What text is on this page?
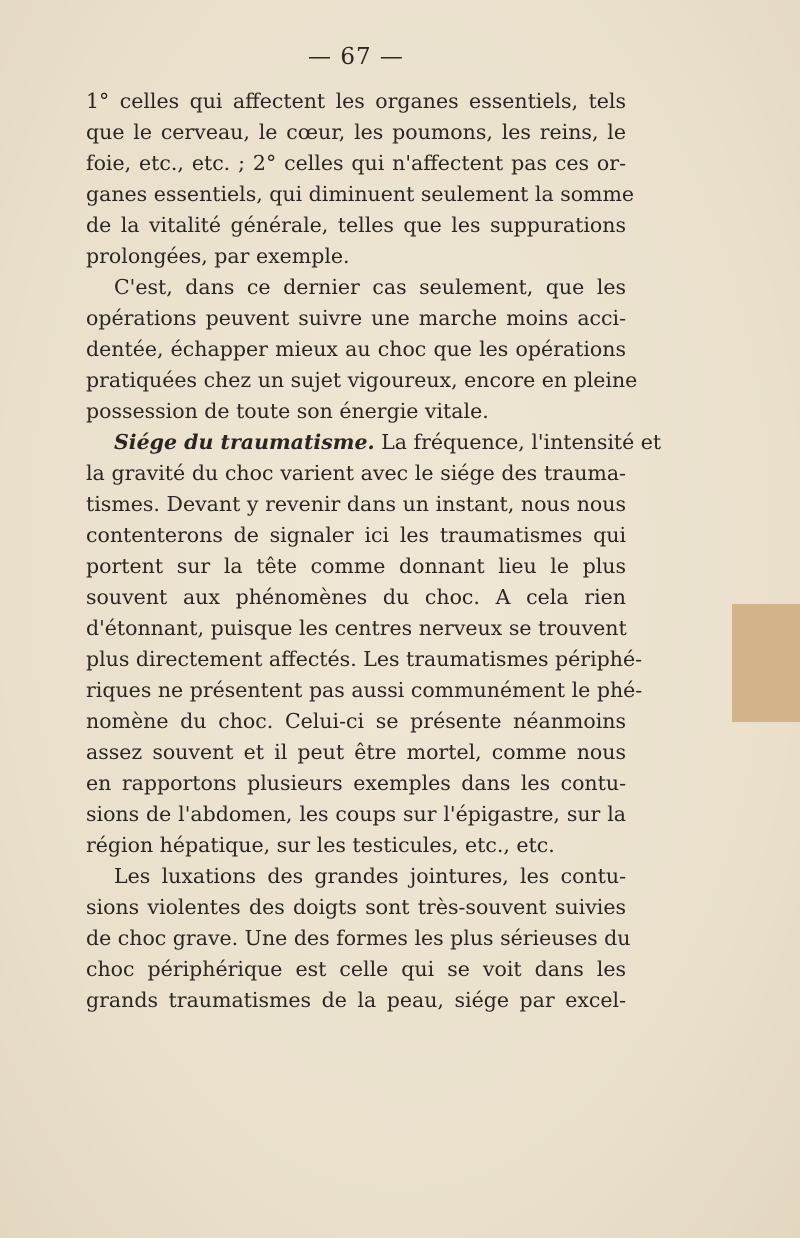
— 67 —
1° celles qui affectent les organes essentiels, tels
que le cerveau, le cœur, les poumons, les reins, le
foie, etc., etc. ; 2° celles qui n'affectent pas ces or-
ganes essentiels, qui diminuent seulement la somme
de la vitalité générale, telles que les suppurations
prolongées, par exemple.
C'est, dans ce dernier cas seulement, que les
opérations peuvent suivre une marche moins acci-
dentée, échapper mieux au choc que les opérations
pratiquées chez un sujet vigoureux, encore en pleine
possession de toute son énergie vitale.
Siége du traumatisme. La fréquence, l'intensité et
la gravité du choc varient avec le siége des trauma-
tismes. Devant y revenir dans un instant, nous nous
contenterons de signaler ici les traumatismes qui
portent sur la tête comme donnant lieu le plus
souvent aux phénomènes du choc. A cela rien
d'étonnant, puisque les centres nerveux se trouvent
plus directement affectés. Les traumatismes périphé-
riques ne présentent pas aussi communément le phé-
nomène du choc. Celui-ci se présente néanmoins
assez souvent et il peut être mortel, comme nous
en rapportons plusieurs exemples dans les contu-
sions de l'abdomen, les coups sur l'épigastre, sur la
région hépatique, sur les testicules, etc., etc.
Les luxations des grandes jointures, les contu-
sions violentes des doigts sont très-souvent suivies
de choc grave. Une des formes les plus sérieuses du
choc périphérique est celle qui se voit dans les
grands traumatismes de la peau, siége par excel-
